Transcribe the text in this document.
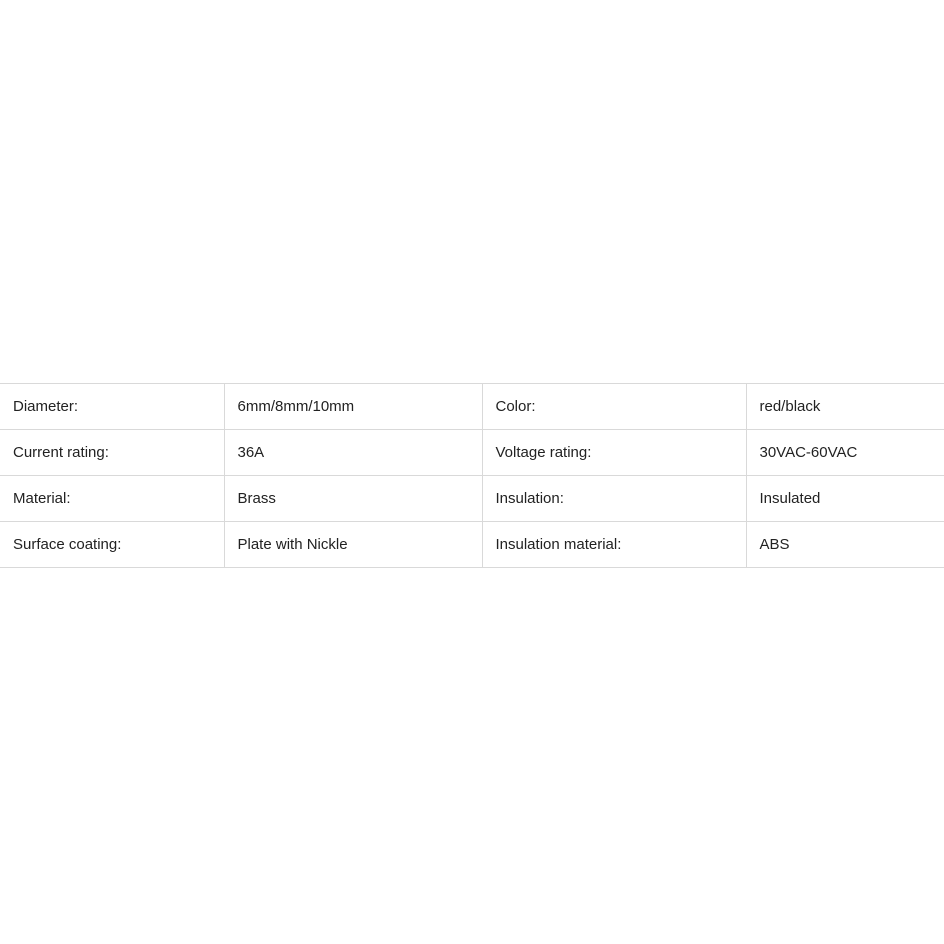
Diameter:	6mm/8mm/10mm	Color:	red/black
Current rating:	36A	Voltage rating:	30VAC-60VAC
Material:	Brass	Insulation:	Insulated
Surface coating:	Plate with Nickle	Insulation material:	ABS
